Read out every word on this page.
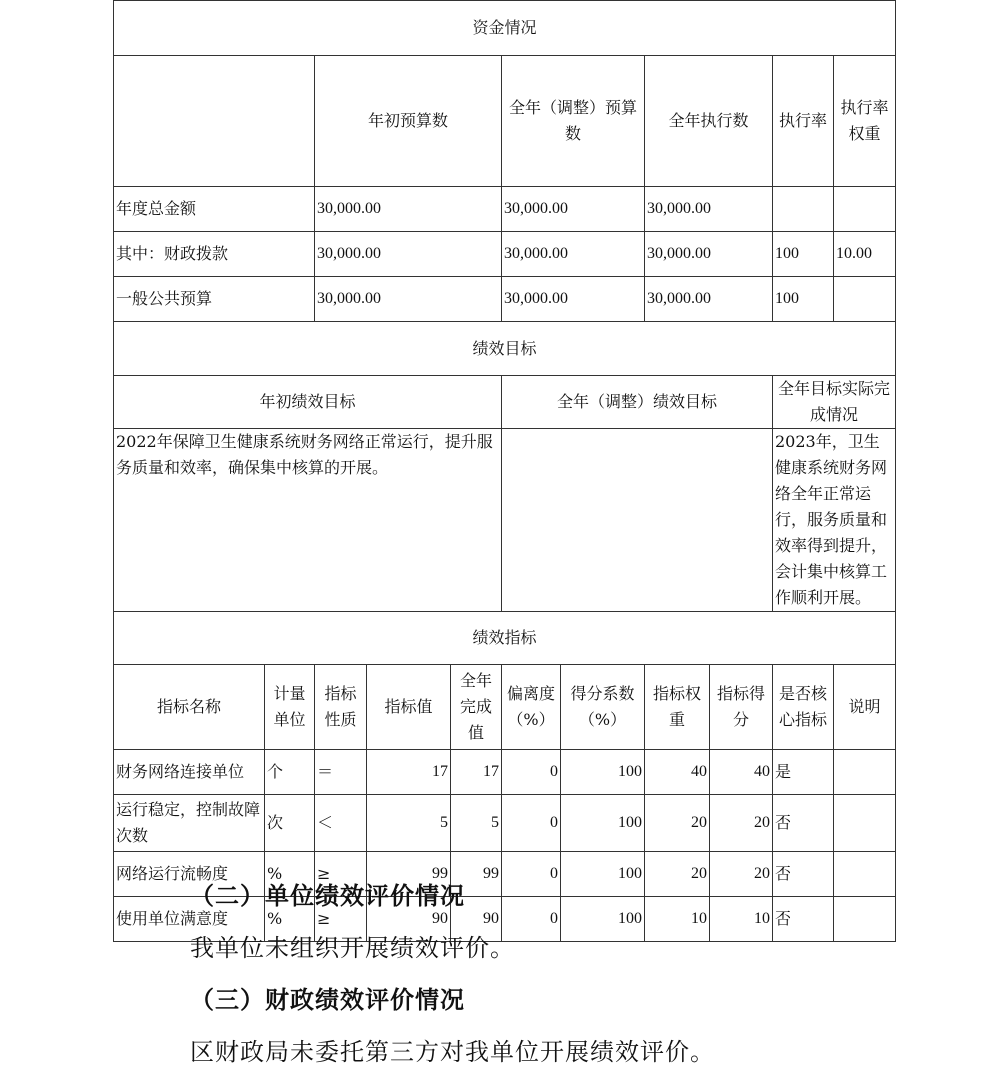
资金情况											
		年初预算数			全年（调整）预算数		全年执行数		执行率	执行率权重	
年度总金额		30,000.00			30,000.00		30,000.00				
其中：财政拨款		30,000.00			30,000.00		30,000.00		100	10.00	
一般公共预算		30,000.00			30,000.00		30,000.00		100		
绩效目标											
年初绩效目标					全年（调整）绩效目标				全年目标实际完成情况		
2022年保障卫生健康系统财务网络正常运行，提升服务质量和效率，确保集中核算的开展。									2023年，卫生健康系统财务网络全年正常运行，服务质量和效率得到提升，会计集中核算工作顺利开展。		
绩效指标											
指标名称	计量单位	指标性质	指标值	全年完成值	偏离度（%）	得分系数（%）	指标权重	指标得分	是否核心指标	说明	
财务网络连接单位	个	＝	17	17	0	100	40	40	是		
运行稳定，控制故障次数	次	＜	5	5	0	100	20	20	否		
网络运行流畅度	%	≥	99	99	0	100	20	20	否		
使用单位满意度	%	≥	90	90	0	100	10	10	否		
（二）单位绩效评价情况
我单位未组织开展绩效评价。
（三）财政绩效评价情况
区财政局未委托第三方对我单位开展绩效评价。
